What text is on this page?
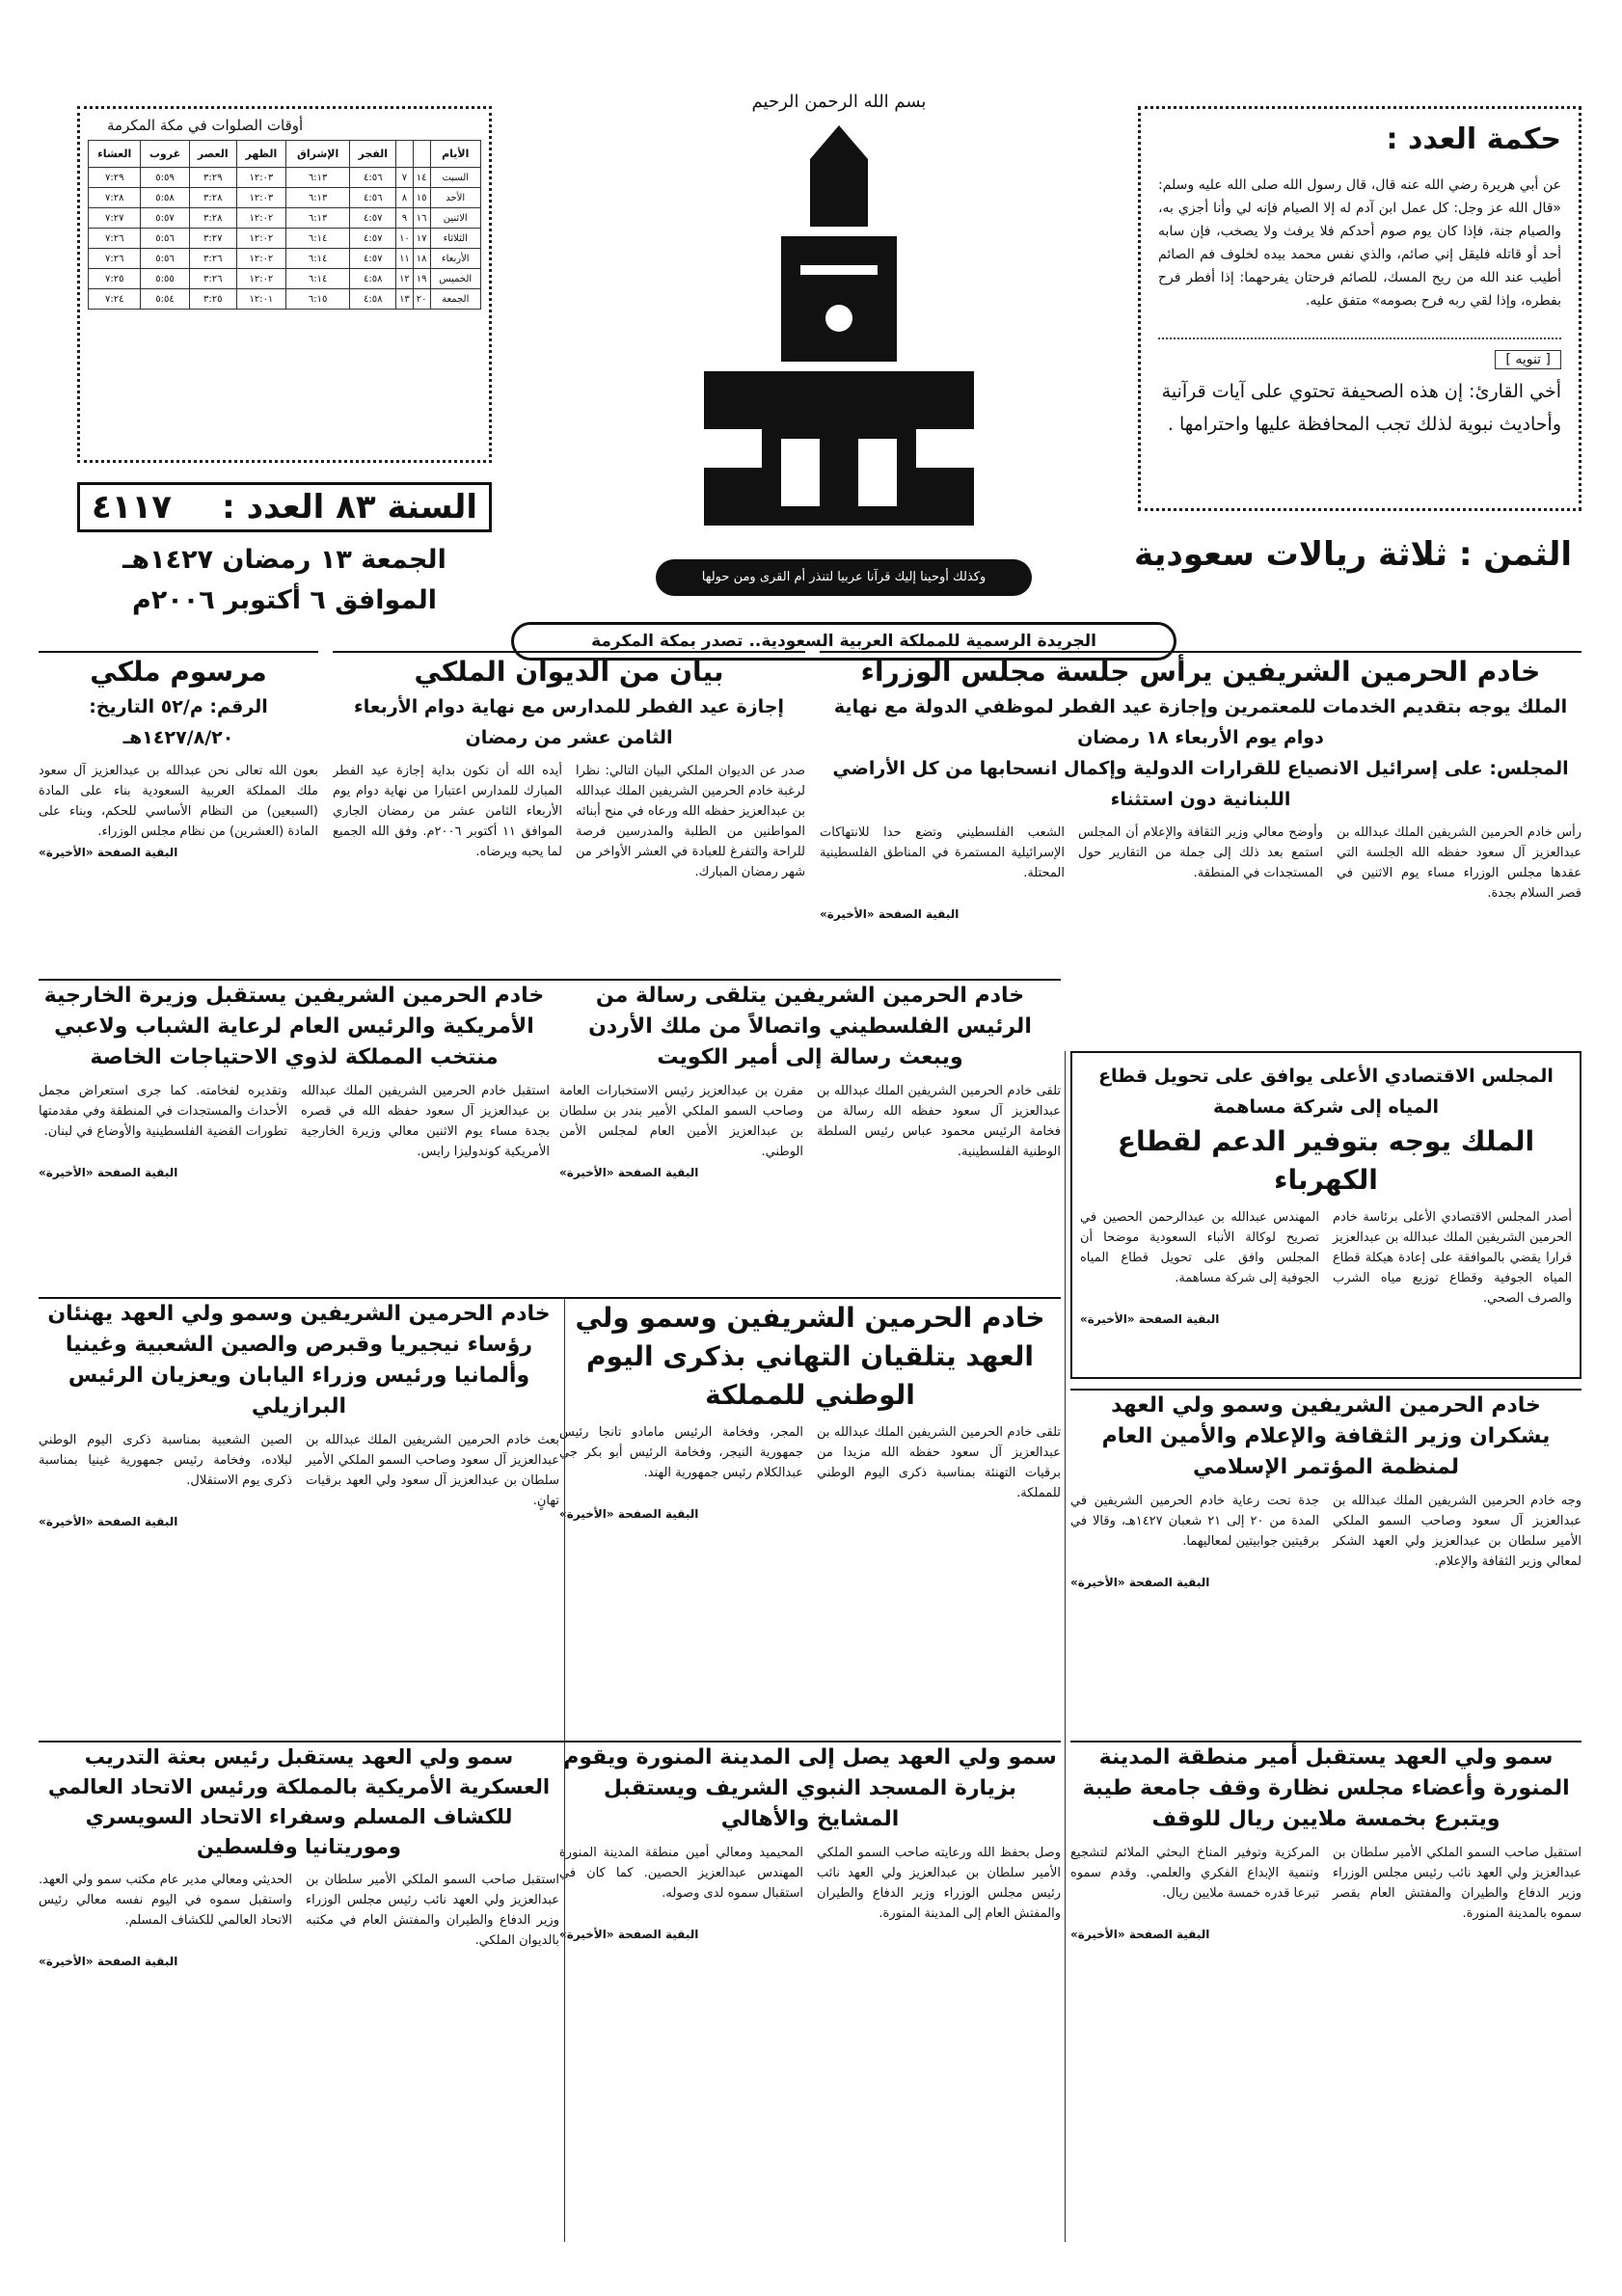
حكمة العدد :
عن أبي هريرة رضي الله عنه قال، قال رسول الله صلى الله عليه وسلم: «قال الله عز وجل: كل عمل ابن آدم له إلا الصيام فإنه لي وأنا أجزي به، والصيام جنة، فإذا كان يوم صوم أحدكم فلا يرفث ولا يصخب، فإن سابه أحد أو قاتله فليقل إني صائم، والذي نفس محمد بيده لخلوف فم الصائم أطيب عند الله من ريح المسك، للصائم فرحتان يفرحهما: إذا أفطر فرح بفطره، وإذا لقي ربه فرح بصومه» متفق عليه.
[ تنويه ]

أخي القارئ: إن هذه الصحيفة تحتوي على آيات قرآنية وأحاديث نبوية لذلك تجب المحافظة عليها واحترامها .

الثمن : ثلاثة ريالات سعودية
بسم الله الرحمن الرحيم
وكذلك أوحينا إليك قرآنا عربيا لتنذر أم القرى ومن حولها
الجريدة الرسمية للمملكة العربية السعودية.. تصدر بمكة المكرمة
أوقات الصلوات في مكة المكرمة
الأيام			الفجر	الإشراق	الظهر	العصر	غروب	العشاء
السبت	١٤	٧	٤:٥٦	٦:١٣	١٢:٠٣	٣:٢٩	٥:٥٩	٧:٢٩
الأحد	١٥	٨	٤:٥٦	٦:١٣	١٢:٠٣	٣:٢٨	٥:٥٨	٧:٢٨
الاثنين	١٦	٩	٤:٥٧	٦:١٣	١٢:٠٢	٣:٢٨	٥:٥٧	٧:٢٧
الثلاثاء	١٧	١٠	٤:٥٧	٦:١٤	١٢:٠٢	٣:٢٧	٥:٥٦	٧:٢٦
الأربعاء	١٨	١١	٤:٥٧	٦:١٤	١٢:٠٢	٣:٢٦	٥:٥٦	٧:٢٦
الخميس	١٩	١٢	٤:٥٨	٦:١٤	١٢:٠٢	٣:٢٦	٥:٥٥	٧:٢٥
الجمعة	٢٠	١٣	٤:٥٨	٦:١٥	١٢:٠١	٣:٢٥	٥:٥٤	٧:٢٤
السنة ٨٣ العدد :
٤١١٧
الجمعة ١٣ رمضان ١٤٢٧هـ
الموافق ٦ أكتوبر ٢٠٠٦م
خادم الحرمين الشريفين يرأس جلسة مجلس الوزراء
الملك يوجه بتقديم الخدمات للمعتمرين وإجازة عيد الفطر لموظفي الدولة مع نهاية دوام يوم الأربعاء ١٨ رمضان
المجلس: على إسرائيل الانصياع للقرارات الدولية وإكمال انسحابها من كل الأراضي اللبنانية دون استثناء
رأس خادم الحرمين الشريفين الملك عبدالله بن عبدالعزيز آل سعود حفظه الله الجلسة التي عقدها مجلس الوزراء مساء يوم الاثنين في قصر السلام بجدة.
وأوضح معالي وزير الثقافة والإعلام أن المجلس استمع بعد ذلك إلى جملة من التقارير حول المستجدات في المنطقة.
الشعب الفلسطيني وتضع حدا للانتهاكات الإسرائيلية المستمرة في المناطق الفلسطينية المحتلة.
البقية الصفحة «الأخيرة»
بيان من الديوان الملكي
إجازة عيد الفطر للمدارس مع نهاية دوام الأربعاء الثامن عشر من رمضان
صدر عن الديوان الملكي البيان التالي: نظرا لرغبة خادم الحرمين الشريفين الملك عبدالله بن عبدالعزيز حفظه الله ورعاه في منح أبنائه المواطنين من الطلبة والمدرسين فرصة للراحة والتفرغ للعبادة في العشر الأواخر من شهر رمضان المبارك.
أيده الله أن تكون بداية إجازة عيد الفطر المبارك للمدارس اعتبارا من نهاية دوام يوم الأربعاء الثامن عشر من رمضان الجاري الموافق ١١ أكتوبر ٢٠٠٦م. وفق الله الجميع لما يحبه ويرضاه.
مرسوم ملكي
الرقم: م/٥٢ التاريخ: ١٤٢٧/٨/٢٠هـ
بعون الله تعالى نحن عبدالله بن عبدالعزيز آل سعود ملك المملكة العربية السعودية بناء على المادة (السبعين) من النظام الأساسي للحكم، وبناء على المادة (العشرين) من نظام مجلس الوزراء.
البقية الصفحة «الأخيرة»
خادم الحرمين الشريفين يتلقى رسالة من الرئيس الفلسطيني واتصالاً من ملك الأردن ويبعث رسالة إلى أمير الكويت
تلقى خادم الحرمين الشريفين الملك عبدالله بن عبدالعزيز آل سعود حفظه الله رسالة من فخامة الرئيس محمود عباس رئيس السلطة الوطنية الفلسطينية.
مقرن بن عبدالعزيز رئيس الاستخبارات العامة وصاحب السمو الملكي الأمير بندر بن سلطان بن عبدالعزيز الأمين العام لمجلس الأمن الوطني.
البقية الصفحة «الأخيرة»
خادم الحرمين الشريفين يستقبل وزيرة الخارجية الأمريكية والرئيس العام لرعاية الشباب ولاعبي منتخب المملكة لذوي الاحتياجات الخاصة
استقبل خادم الحرمين الشريفين الملك عبدالله بن عبدالعزيز آل سعود حفظه الله في قصره بجدة مساء يوم الاثنين معالي وزيرة الخارجية الأمريكية كوندوليزا رايس.
وتقديره لفخامته. كما جرى استعراض مجمل الأحداث والمستجدات في المنطقة وفي مقدمتها تطورات القضية الفلسطينية والأوضاع في لبنان.
البقية الصفحة «الأخيرة»
المجلس الاقتصادي الأعلى يوافق على تحويل قطاع المياه إلى شركة مساهمة
الملك يوجه بتوفير الدعم لقطاع الكهرباء
أصدر المجلس الاقتصادي الأعلى برئاسة خادم الحرمين الشريفين الملك عبدالله بن عبدالعزيز قرارا يقضي بالموافقة على إعادة هيكلة قطاع المياه الجوفية وقطاع توزيع مياه الشرب والصرف الصحي.
المهندس عبدالله بن عبدالرحمن الحصين في تصريح لوكالة الأنباء السعودية موضحا أن المجلس وافق على تحويل قطاع المياه الجوفية إلى شركة مساهمة.
البقية الصفحة «الأخيرة»
خادم الحرمين الشريفين وسمو ولي العهد يهنئان رؤساء نيجيريا وقبرص والصين الشعبية وغينيا وألمانيا ورئيس وزراء اليابان ويعزيان الرئيس البرازيلي
بعث خادم الحرمين الشريفين الملك عبدالله بن عبدالعزيز آل سعود وصاحب السمو الملكي الأمير سلطان بن عبدالعزيز آل سعود ولي العهد برقيات تهانٍ.
الصين الشعبية بمناسبة ذكرى اليوم الوطني لبلاده، وفخامة رئيس جمهورية غينيا بمناسبة ذكرى يوم الاستقلال.
البقية الصفحة «الأخيرة»
خادم الحرمين الشريفين وسمو ولي العهد يتلقيان التهاني بذكرى اليوم الوطني للمملكة
تلقى خادم الحرمين الشريفين الملك عبدالله بن عبدالعزيز آل سعود حفظه الله مزيدا من برقيات التهنئة بمناسبة ذكرى اليوم الوطني للمملكة.
المجر، وفخامة الرئيس مامادو تانجا رئيس جمهورية النيجر، وفخامة الرئيس أبو بكر جي عبدالكلام رئيس جمهورية الهند.
البقية الصفحة «الأخيرة»
خادم الحرمين الشريفين وسمو ولي العهد يشكران وزير الثقافة والإعلام والأمين العام لمنظمة المؤتمر الإسلامي
وجه خادم الحرمين الشريفين الملك عبدالله بن عبدالعزيز آل سعود وصاحب السمو الملكي الأمير سلطان بن عبدالعزيز ولي العهد الشكر لمعالي وزير الثقافة والإعلام.
جدة تحت رعاية خادم الحرمين الشريفين في المدة من ٢٠ إلى ٢١ شعبان ١٤٢٧هـ، وقالا في برقيتين جوابيتين لمعاليهما.
البقية الصفحة «الأخيرة»
سمو ولي العهد يستقبل رئيس بعثة التدريب العسكرية الأمريكية بالمملكة ورئيس الاتحاد العالمي للكشاف المسلم وسفراء الاتحاد السويسري وموريتانيا وفلسطين
استقبل صاحب السمو الملكي الأمير سلطان بن عبدالعزيز ولي العهد نائب رئيس مجلس الوزراء وزير الدفاع والطيران والمفتش العام في مكتبه بالديوان الملكي.
الحديثي ومعالي مدير عام مكتب سمو ولي العهد. واستقبل سموه في اليوم نفسه معالي رئيس الاتحاد العالمي للكشاف المسلم.
البقية الصفحة «الأخيرة»
سمو ولي العهد يصل إلى المدينة المنورة ويقوم بزيارة المسجد النبوي الشريف ويستقبل المشايخ والأهالي
وصل بحفظ الله ورعايته صاحب السمو الملكي الأمير سلطان بن عبدالعزيز ولي العهد نائب رئيس مجلس الوزراء وزير الدفاع والطيران والمفتش العام إلى المدينة المنورة.
المحيميد ومعالي أمين منطقة المدينة المنورة المهندس عبدالعزيز الحصين. كما كان في استقبال سموه لدى وصوله.
البقية الصفحة «الأخيرة»
سمو ولي العهد يستقبل أمير منطقة المدينة المنورة وأعضاء مجلس نظارة وقف جامعة طيبة ويتبرع بخمسة ملايين ريال للوقف
استقبل صاحب السمو الملكي الأمير سلطان بن عبدالعزيز ولي العهد نائب رئيس مجلس الوزراء وزير الدفاع والطيران والمفتش العام بقصر سموه بالمدينة المنورة.
المركزية وتوفير المناخ البحثي الملائم لتشجيع وتنمية الإبداع الفكري والعلمي. وقدم سموه تبرعا قدره خمسة ملايين ريال.
البقية الصفحة «الأخيرة»
